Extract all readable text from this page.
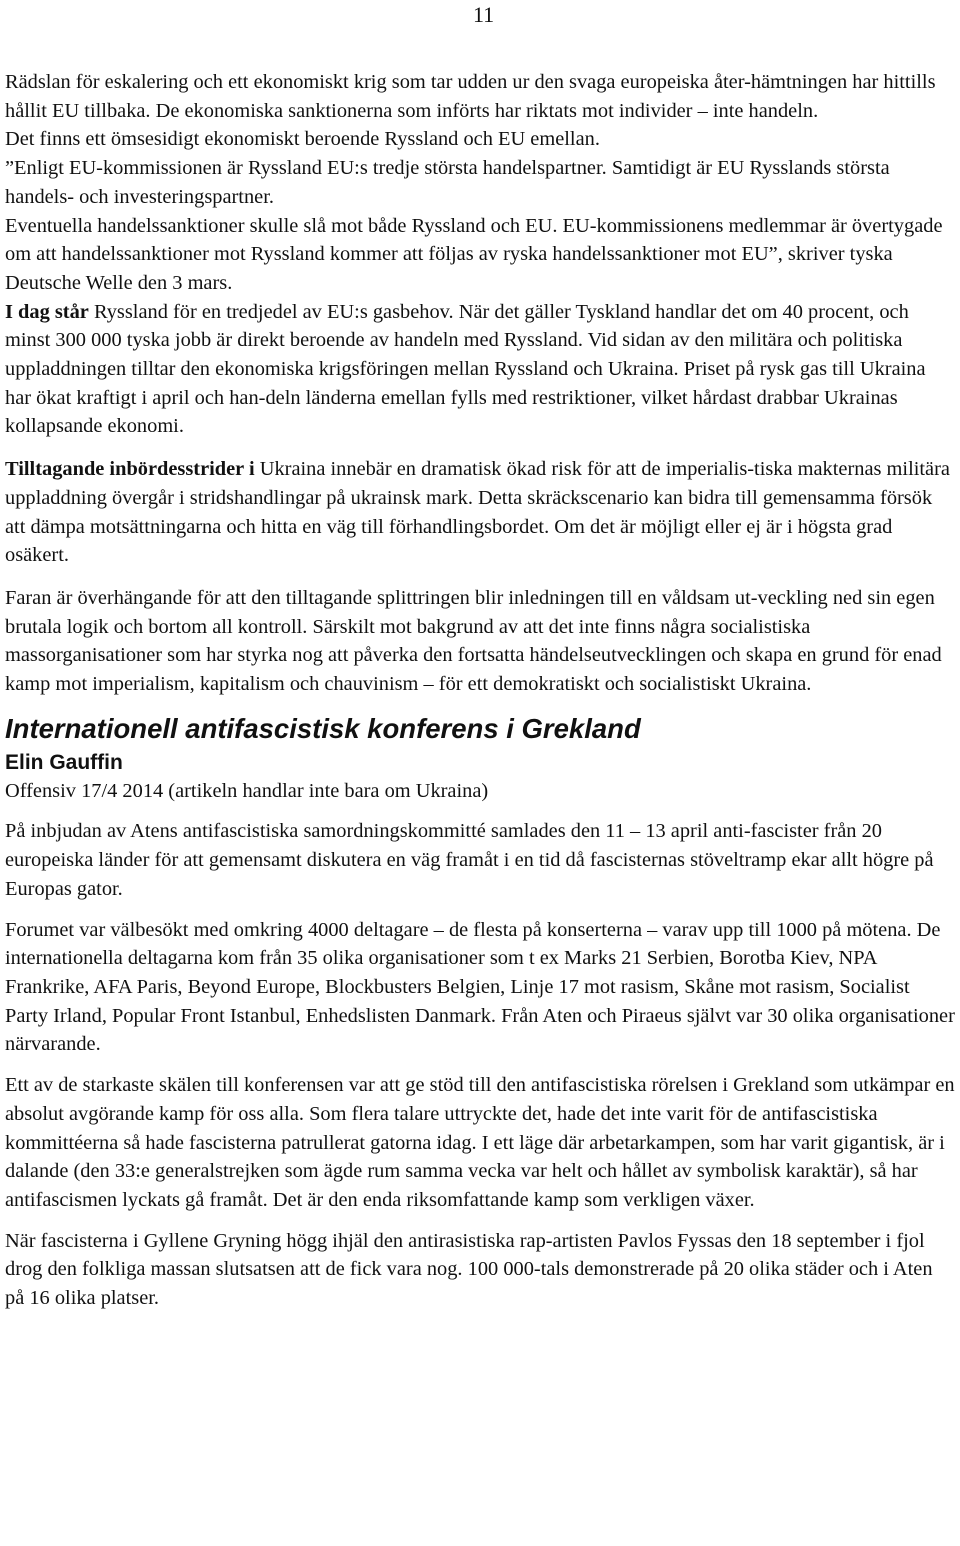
11

Rädslan för eskalering och ett ekonomiskt krig som tar udden ur den svaga europeiska åter-hämtningen har hittills hållit EU tillbaka. De ekonomiska sanktionerna som införts har riktats mot individer – inte handeln.

Det finns ett ömsesidigt ekonomiskt beroende Ryssland och EU emellan.

”Enligt EU-kommissionen är Ryssland EU:s tredje största handelspartner. Samtidigt är EU Rysslands största handels- och investeringspartner.

Eventuella handelssanktioner skulle slå mot både Ryssland och EU. EU-kommissionens medlemmar är övertygade om att handelssanktioner mot Ryssland kommer att följas av ryska handelssanktioner mot EU”, skriver tyska Deutsche Welle den 3 mars.

I dag står Ryssland för en tredjedel av EU:s gasbehov. När det gäller Tyskland handlar det om 40 procent, och minst 300 000 tyska jobb är direkt beroende av handeln med Ryssland. Vid sidan av den militära och politiska uppladdningen tilltar den ekonomiska krigsföringen mellan Ryssland och Ukraina. Priset på rysk gas till Ukraina har ökat kraftigt i april och han-deln länderna emellan fylls med restriktioner, vilket hårdast drabbar Ukrainas kollapsande ekonomi.

Tilltagande inbördesstrider i Ukraina innebär en dramatisk ökad risk för att de imperialis-tiska makternas militära uppladdning övergår i stridshandlingar på ukrainsk mark. Detta skräckscenario kan bidra till gemensamma försök att dämpa motsättningarna och hitta en väg till förhandlingsbordet. Om det är möjligt eller ej är i högsta grad osäkert.

Faran är överhängande för att den tilltagande splittringen blir inledningen till en våldsam ut-veckling ned sin egen brutala logik och bortom all kontroll. Särskilt mot bakgrund av att det inte finns några socialistiska massorganisationer som har styrka nog att påverka den fortsatta händelseutvecklingen och skapa en grund för enad kamp mot imperialism, kapitalism och chauvinism – för ett demokratiskt och socialistiskt Ukraina.

Internationell antifascistisk konferens i Grekland
Elin Gauffin

Offensiv 17/4 2014 (artikeln handlar inte bara om Ukraina)

På inbjudan av Atens antifascistiska samordningskommitté samlades den 11 – 13 april anti-fascister från 20 europeiska länder för att gemensamt diskutera en väg framåt i en tid då fascisternas stöveltramp ekar allt högre på Europas gator.

Forumet var välbesökt med omkring 4000 deltagare – de flesta på konserterna – varav upp till 1000 på mötena. De internationella deltagarna kom från 35 olika organisationer som t ex Marks 21 Serbien, Borotba Kiev, NPA Frankrike, AFA Paris, Beyond Europe, Blockbusters Belgien, Linje 17 mot rasism, Skåne mot rasism, Socialist Party Irland, Popular Front Istanbul, Enhedslisten Danmark. Från Aten och Piraeus självt var 30 olika organisationer närvarande.

Ett av de starkaste skälen till konferensen var att ge stöd till den antifascistiska rörelsen i Grekland som utkämpar en absolut avgörande kamp för oss alla. Som flera talare uttryckte det, hade det inte varit för de antifascistiska kommittéerna så hade fascisterna patrullerat gatorna idag. I ett läge där arbetarkampen, som har varit gigantisk, är i dalande (den 33:e generalstrejken som ägde rum samma vecka var helt och hållet av symbolisk karaktär), så har antifascismen lyckats gå framåt. Det är den enda riksomfattande kamp som verkligen växer.

När fascisterna i Gyllene Gryning högg ihjäl den antirasistiska rap-artisten Pavlos Fyssas den 18 september i fjol drog den folkliga massan slutsatsen att de fick vara nog. 100 000-tals demonstrerade på 20 olika städer och i Aten på 16 olika platser.
